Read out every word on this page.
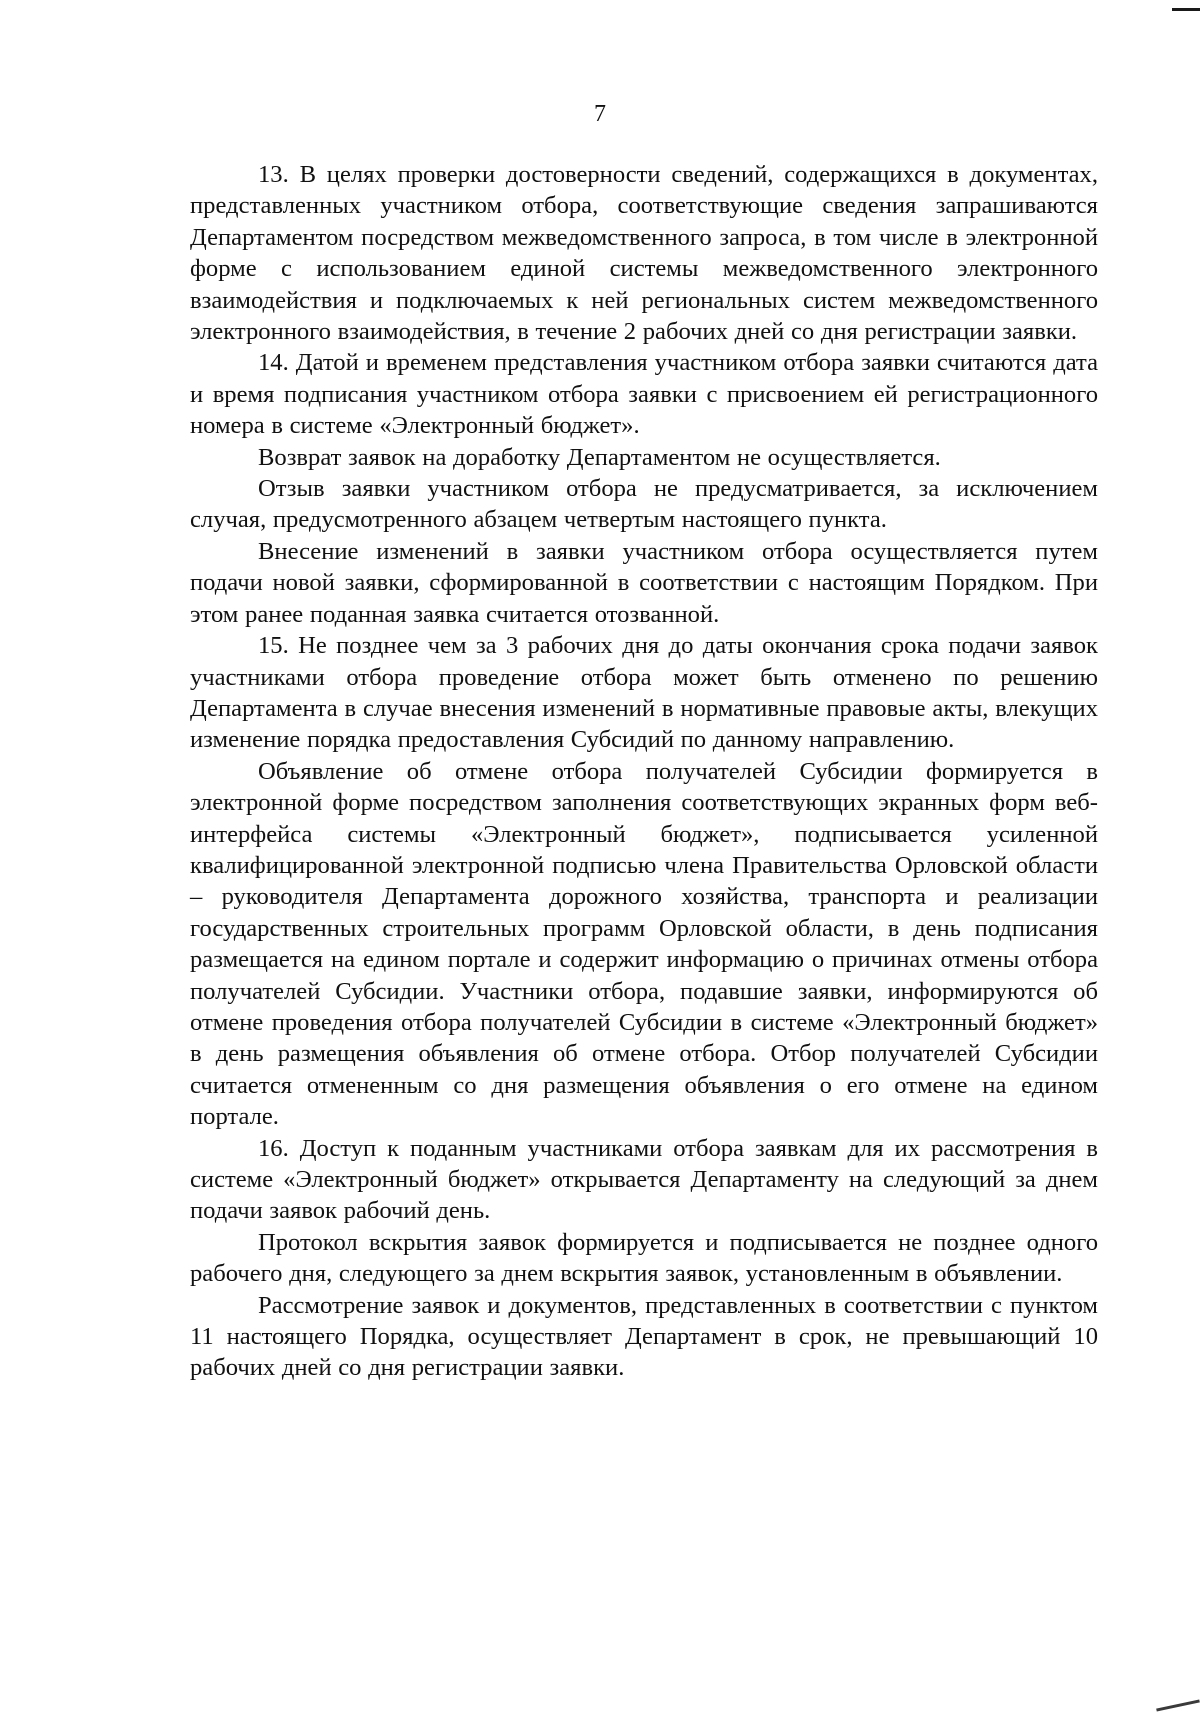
7

13. В целях проверки достоверности сведений, содержащихся в документах, представленных участником отбора, соответствующие сведения запрашиваются Департаментом посредством межведомственного запроса, в том числе в электронной форме с использованием единой системы межведомственного электронного взаимодействия и подключаемых к ней региональных систем межведомственного электронного взаимодействия, в течение 2 рабочих дней со дня регистрации заявки.

14. Датой и временем представления участником отбора заявки считаются дата и время подписания участником отбора заявки с присвоением ей регистрационного номера в системе «Электронный бюджет».

Возврат заявок на доработку Департаментом не осуществляется.

Отзыв заявки участником отбора не предусматривается, за исключением случая, предусмотренного абзацем четвертым настоящего пункта.

Внесение изменений в заявки участником отбора осуществляется путем подачи новой заявки, сформированной в соответствии с настоящим Порядком. При этом ранее поданная заявка считается отозванной.

15. Не позднее чем за 3 рабочих дня до даты окончания срока подачи заявок участниками отбора проведение отбора может быть отменено по решению Департамента в случае внесения изменений в нормативные правовые акты, влекущих изменение порядка предоставления Субсидий по данному направлению.

Объявление об отмене отбора получателей Субсидии формируется в электронной форме посредством заполнения соответствующих экранных форм веб-интерфейса системы «Электронный бюджет», подписывается усиленной квалифицированной электронной подписью члена Правительства Орловской области – руководителя Департамента дорожного хозяйства, транспорта и реализации государственных строительных программ Орловской области, в день подписания размещается на едином портале и содержит информацию о причинах отмены отбора получателей Субсидии. Участники отбора, подавшие заявки, информируются об отмене проведения отбора получателей Субсидии в системе «Электронный бюджет» в день размещения объявления об отмене отбора. Отбор получателей Субсидии считается отмененным со дня размещения объявления о его отмене на едином портале.

16. Доступ к поданным участниками отбора заявкам для их рассмотрения в системе «Электронный бюджет» открывается Департаменту на следующий за днем подачи заявок рабочий день.

Протокол вскрытия заявок формируется и подписывается не позднее одного рабочего дня, следующего за днем вскрытия заявок, установленным в объявлении.

Рассмотрение заявок и документов, представленных в соответствии с пунктом 11 настоящего Порядка, осуществляет Департамент в срок, не превышающий 10 рабочих дней со дня регистрации заявки.
